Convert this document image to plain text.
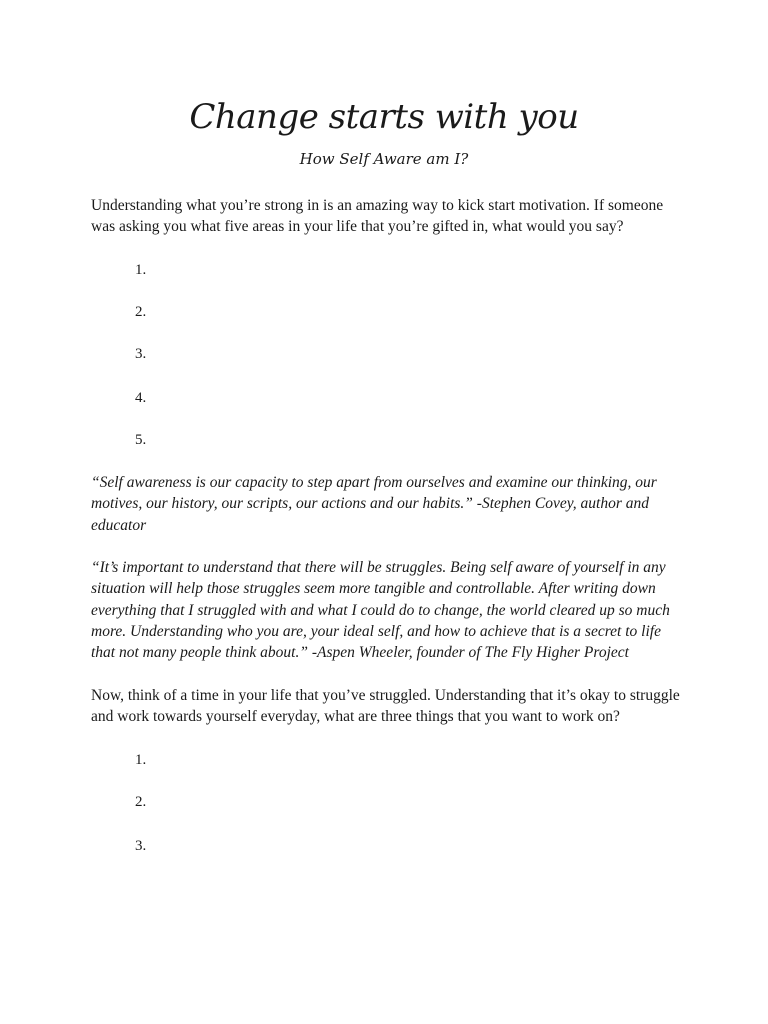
Change starts with you

How Self Aware am I?

Understanding what you’re strong in is an amazing way to kick start motivation. If someone was asking you what five areas in your life that you’re gifted in, what would you say?

1.

2.

3.

4.

5.

“Self awareness is our capacity to step apart from ourselves and examine our thinking, our motives, our history, our scripts, our actions and our habits.” -Stephen Covey, author and educator

“It’s important to understand that there will be struggles. Being self aware of yourself in any situation will help those struggles seem more tangible and controllable. After writing down everything that I struggled with and what I could do to change, the world cleared up so much more. Understanding who you are, your ideal self, and how to achieve that is a secret to life that not many people think about.” -Aspen Wheeler, founder of The Fly Higher Project

Now, think of a time in your life that you’ve struggled. Understanding that it’s okay to struggle and work towards yourself everyday, what are three things that you want to work on?

1.

2.

3.
